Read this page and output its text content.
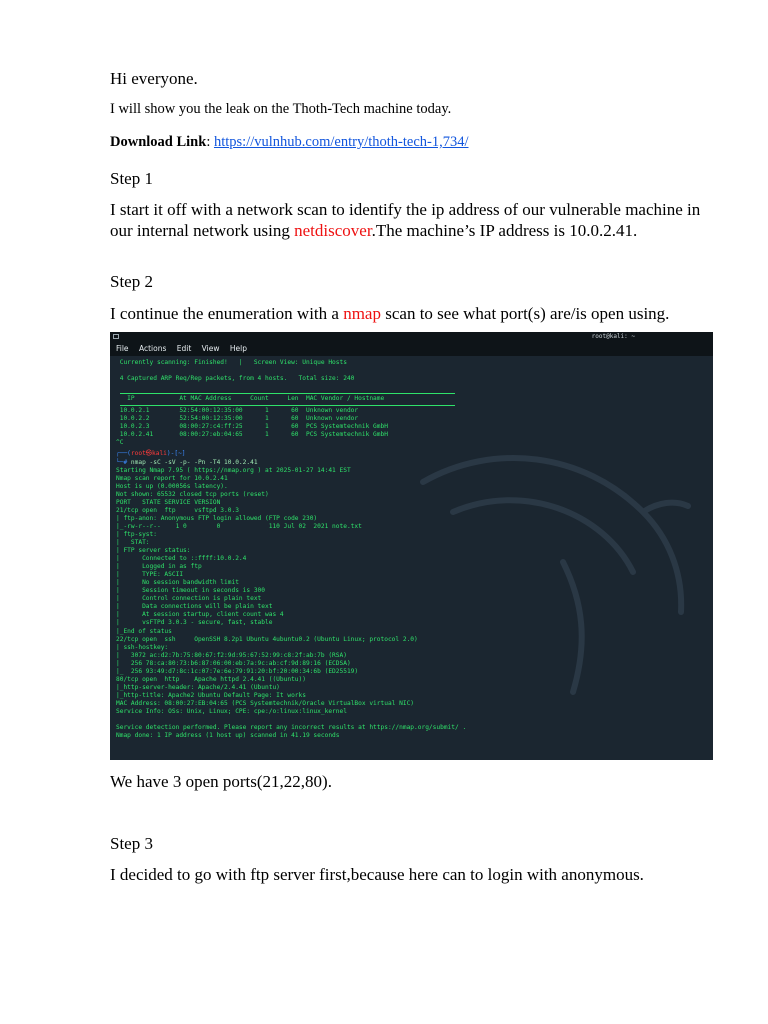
Hi everyone.
I will show you the leak on the Thoth-Tech machine today.
Download Link: https://vulnhub.com/entry/thoth-tech-1,734/
Step 1
I start it off with a network scan to identify the ip address of our vulnerable machine in our internal network using netdiscover.The machine’s IP address is 10.0.2.41.
Step 2
I continue the enumeration with a nmap scan to see what port(s) are/is open using.
We have 3 open ports(21,22,80).
Step 3
I decided to go with ftp server first,because here can to login with anonymous.
root@kali: ~
File Actions Edit View Help
Currently scanning: Finished!   |   Screen View: Unique Hosts
4 Captured ARP Req/Rep packets, from 4 hosts.   Total size: 240
IP            At MAC Address     Count     Len  MAC Vendor / Hostname
10.0.2.1        52:54:00:12:35:00      1      60  Unknown vendor
10.0.2.2        52:54:00:12:35:00      1      60  Unknown vendor
10.0.2.3        08:00:27:c4:ff:25      1      60  PCS Systemtechnik GmbH
10.0.2.41       08:00:27:eb:04:65      1      60  PCS Systemtechnik GmbH
^C
┌──(root㉿kali)-[~]
└─# nmap -sC -sV -p- -Pn -T4 10.0.2.41
Starting Nmap 7.95 ( https://nmap.org ) at 2025-01-27 14:41 EST
Nmap scan report for 10.0.2.41
Host is up (0.00056s latency).
Not shown: 65532 closed tcp ports (reset)
PORT   STATE SERVICE VERSION
21/tcp open  ftp     vsftpd 3.0.3
| ftp-anon: Anonymous FTP login allowed (FTP code 230)
|_-rw-r--r--    1 0        0             110 Jul 02  2021 note.txt
| ftp-syst:
|   STAT:
| FTP server status:
|      Connected to ::ffff:10.0.2.4
|      Logged in as ftp
|      TYPE: ASCII
|      No session bandwidth limit
|      Session timeout in seconds is 300
|      Control connection is plain text
|      Data connections will be plain text
|      At session startup, client count was 4
|      vsFTPd 3.0.3 - secure, fast, stable
|_End of status
22/tcp open  ssh     OpenSSH 8.2p1 Ubuntu 4ubuntu0.2 (Ubuntu Linux; protocol 2.0)
| ssh-hostkey:
|   3072 ac:d2:7b:75:80:67:f2:9d:95:67:52:99:c8:2f:ab:7b (RSA)
|   256 78:ca:80:73:b6:87:06:00:eb:7a:9c:ab:cf:9d:89:16 (ECDSA)
|_  256 93:49:d7:8c:1c:07:7e:6e:79:91:20:bf:20:00:34:6b (ED25519)
80/tcp open  http    Apache httpd 2.4.41 ((Ubuntu))
|_http-server-header: Apache/2.4.41 (Ubuntu)
|_http-title: Apache2 Ubuntu Default Page: It works
MAC Address: 08:00:27:EB:04:65 (PCS Systemtechnik/Oracle VirtualBox virtual NIC)
Service Info: OSs: Unix, Linux; CPE: cpe:/o:linux:linux_kernel
Service detection performed. Please report any incorrect results at https://nmap.org/submit/ .
Nmap done: 1 IP address (1 host up) scanned in 41.19 seconds
